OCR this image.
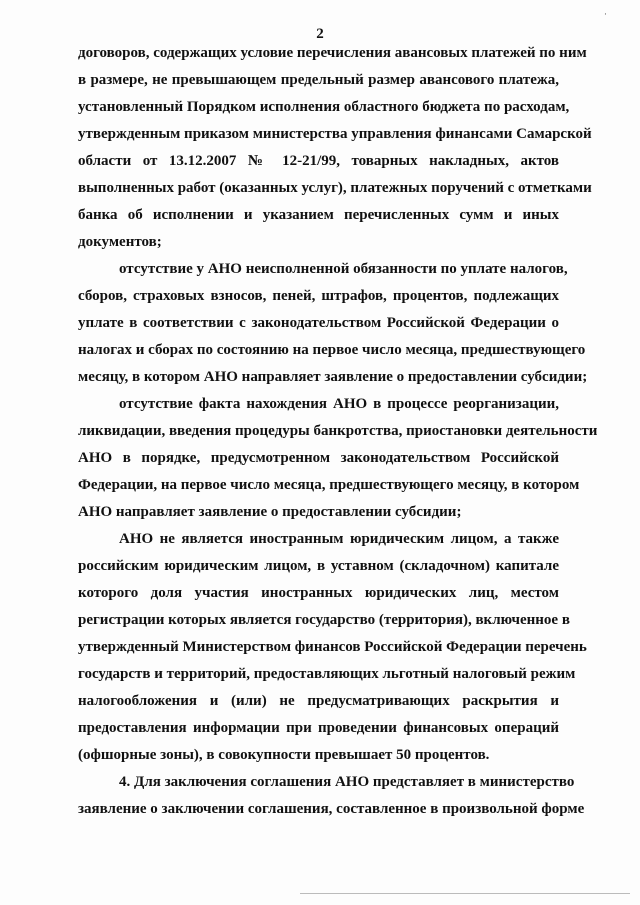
2
·
договоров, содержащих условие перечисления авансовых платежей по ним
в размере, не превышающем предельный размер авансового платежа,
установленный Порядком исполнения областного бюджета по расходам,
утвержденным приказом министерства управления финансами Самарской
области от 13.12.2007 № 12-21/99, товарных накладных, актов
выполненных работ (оказанных услуг), платежных поручений с отметками
банка об исполнении и указанием перечисленных сумм и иных
документов;
отсутствие у АНО неисполненной обязанности по уплате налогов,
сборов, страховых взносов, пеней, штрафов, процентов, подлежащих
уплате в соответствии с законодательством Российской Федерации о
налогах и сборах по состоянию на первое число месяца, предшествующего
месяцу, в котором АНО направляет заявление о предоставлении субсидии;
отсутствие факта нахождения АНО в процессе реорганизации,
ликвидации, введения процедуры банкротства, приостановки деятельности
АНО в порядке, предусмотренном законодательством Российской
Федерации, на первое число месяца, предшествующего месяцу, в котором
АНО направляет заявление о предоставлении субсидии;
АНО не является иностранным юридическим лицом, а также
российским юридическим лицом, в уставном (складочном) капитале
которого доля участия иностранных юридических лиц, местом
регистрации которых является государство (территория), включенное в
утвержденный Министерством финансов Российской Федерации перечень
государств и территорий, предоставляющих льготный налоговый режим
налогообложения и (или) не предусматривающих раскрытия и
предоставления информации при проведении финансовых операций
(офшорные зоны), в совокупности превышает 50 процентов.
4. Для заключения соглашения АНО представляет в министерство
заявление о заключении соглашения, составленное в произвольной форме
